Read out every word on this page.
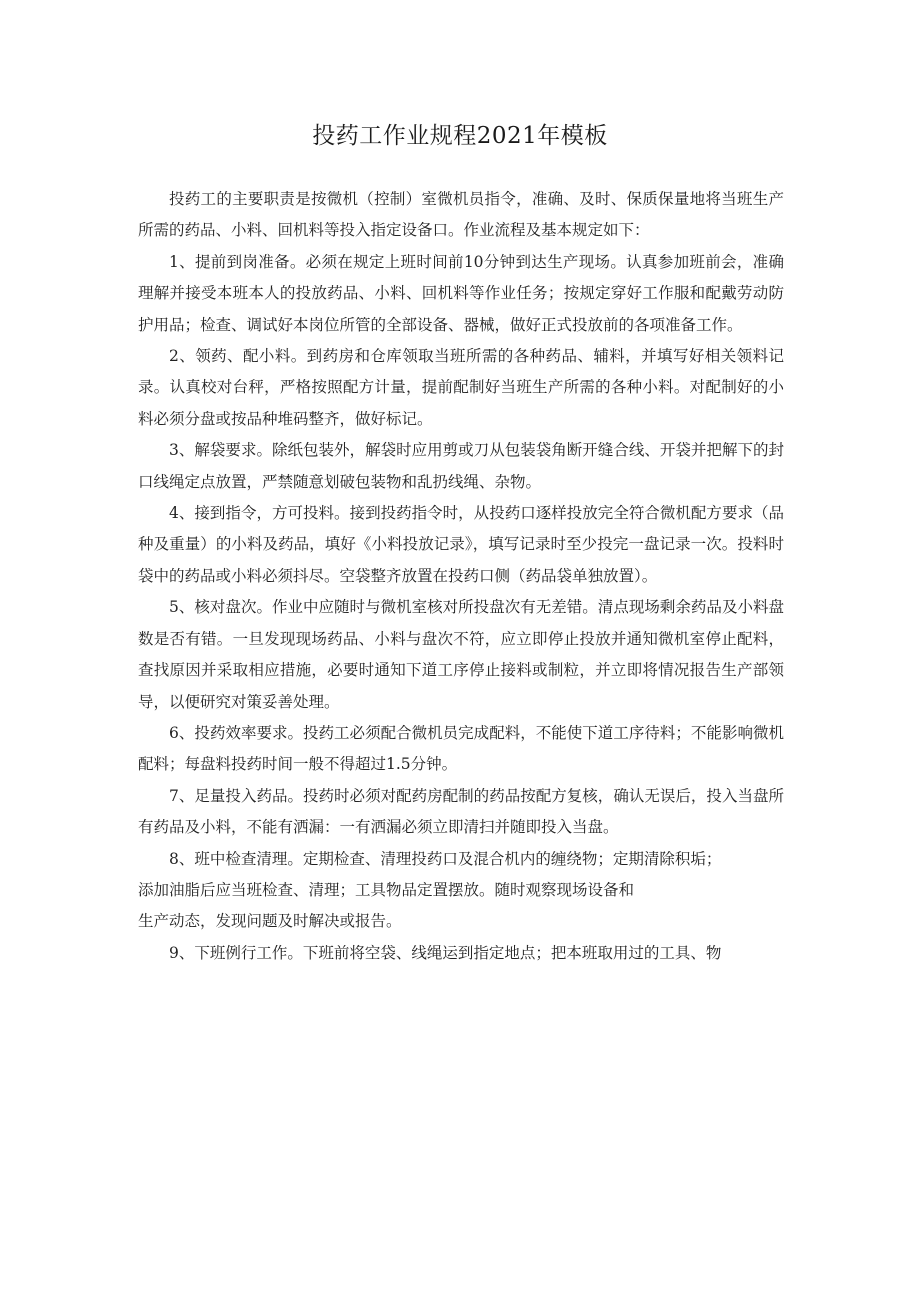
投药工作业规程2021年模板

投药工的主要职责是按微机（控制）室微机员指令，准确、及时、保质保量地将当班生产所需的药品、小料、回机料等投入指定设备口。作业流程及基本规定如下：

1、提前到岗准备。必须在规定上班时间前10分钟到达生产现场。认真参加班前会，准确理解并接受本班本人的投放药品、小料、回机料等作业任务；按规定穿好工作服和配戴劳动防护用品；检查、调试好本岗位所管的全部设备、器械，做好正式投放前的各项准备工作。

2、领药、配小料。到药房和仓库领取当班所需的各种药品、辅料，并填写好相关领料记录。认真校对台秤，严格按照配方计量，提前配制好当班生产所需的各种小料。对配制好的小料必须分盘或按品种堆码整齐，做好标记。

3、解袋要求。除纸包装外，解袋时应用剪或刀从包装袋角断开缝合线、开袋并把解下的封口线绳定点放置，严禁随意划破包装物和乱扔线绳、杂物。

4、接到指令，方可投料。接到投药指令时，从投药口逐样投放完全符合微机配方要求（品种及重量）的小料及药品，填好《小料投放记录》，填写记录时至少投完一盘记录一次。投料时袋中的药品或小料必须抖尽。空袋整齐放置在投药口侧（药品袋单独放置）。

5、核对盘次。作业中应随时与微机室核对所投盘次有无差错。清点现场剩余药品及小料盘数是否有错。一旦发现现场药品、小料与盘次不符，应立即停止投放并通知微机室停止配料，查找原因并采取相应措施，必要时通知下道工序停止接料或制粒，并立即将情况报告生产部领导，以便研究对策妥善处理。

6、投药效率要求。投药工必须配合微机员完成配料，不能使下道工序待料；不能影响微机配料；每盘料投药时间一般不得超过1.5分钟。

7、足量投入药品。投药时必须对配药房配制的药品按配方复核，确认无误后，投入当盘所有药品及小料，不能有洒漏：一有洒漏必须立即清扫并随即投入当盘。

8、班中检查清理。定期检查、清理投药口及混合机内的缠绕物；定期清除积垢；
添加油脂后应当班检查、清理；工具物品定置摆放。随时观察现场设备和
生产动态，发现问题及时解决或报告。

9、下班例行工作。下班前将空袋、线绳运到指定地点；把本班取用过的工具、物
